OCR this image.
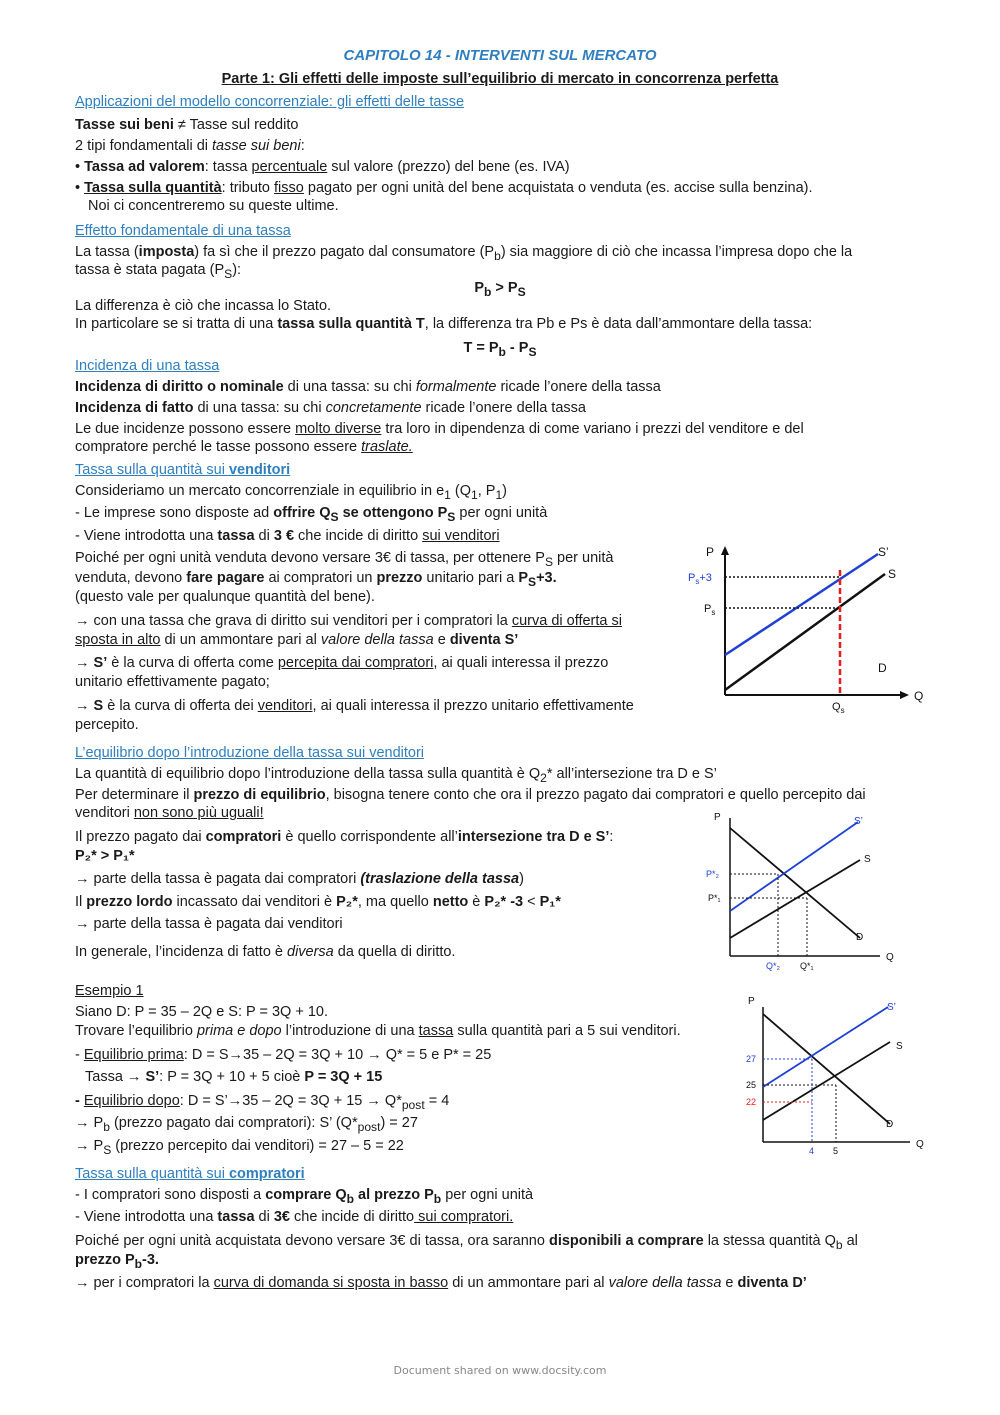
CAPITOLO 14 - INTERVENTI SUL MERCATO
Parte 1: Gli effetti delle imposte sull’equilibrio di mercato in concorrenza perfetta
Applicazioni del modello concorrenziale: gli effetti delle tasse
Tasse sui beni ≠ Tasse sul reddito
2 tipi fondamentali di tasse sui beni:
• Tassa ad valorem: tassa percentuale sul valore (prezzo) del bene (es. IVA)
• Tassa sulla quantità: tributo fisso pagato per ogni unità del bene acquistata o venduta (es. accise sulla benzina).
Noi ci concentreremo su queste ultime.
Effetto fondamentale di una tassa
La tassa (imposta) fa sì che il prezzo pagato dal consumatore $(P_b)$ sia maggiore di ciò che incassa l’impresa dopo che la
tassa è stata pagata $(P_S)$:
$P_b > P_S$
La differenza è ciò che incassa lo Stato.
In particolare se si tratta di una tassa sulla quantità T, la differenza tra Pb e Ps è data dall’ammontare della tassa:
$T = P_b - P_S$
Incidenza di una tassa
Incidenza di diritto o nominale di una tassa: su chi formalmente ricade l’onere della tassa
Incidenza di fatto di una tassa: su chi concretamente ricade l’onere della tassa
Le due incidenze possono essere molto diverse tra loro in dipendenza di come variano i prezzi del venditore e del
compratore perché le tasse possono essere traslate.
Tassa sulla quantità sui venditori
Consideriamo un mercato concorrenziale in equilibrio in $e_1$ ($Q_1$, $P_1$)
- Le imprese sono disposte ad offrire $Q_S$ se ottengono $P_S$ per ogni unità
- Viene introdotta una tassa di 3 € che incide di diritto sui venditori
Poiché per ogni unità venduta devono versare 3€ di tassa, per ottenere $P_S$ per unità
venduta, devono fare pagare ai compratori un prezzo unitario pari a $P_S+3$.
(questo vale per qualunque quantità del bene).
→ con una tassa che grava di diritto sui venditori per i compratori la curva di offerta si
sposta in alto di un ammontare pari al valore della tassa e diventa S’
→ S’ è la curva di offerta come percepita dai compratori, ai quali interessa il prezzo
unitario effettivamente pagato;
→ S è la curva di offerta dei venditori, ai quali interessa il prezzo unitario effettivamente
percepito.
P
Q
S’
S
D
$P_s+3$
$P_s$
$Q_s$
L’equilibrio dopo l’introduzione della tassa sui venditori
La quantità di equilibrio dopo l’introduzione della tassa sulla quantità è $Q_2*$ all’intersezione tra D e S’
Per determinare il prezzo di equilibrio, bisogna tenere conto che ora il prezzo pagato dai compratori e quello percepito dai
venditori non sono più uguali!
Il prezzo pagato dai compratori è quello corrispondente all’intersezione tra D e S’:
P₂* > P₁*
→ parte della tassa è pagata dai compratori (traslazione della tassa)
Il prezzo lordo incassato dai venditori è P₂*, ma quello netto è P₂* -3 < P₁*
→ parte della tassa è pagata dai venditori
In generale, l’incidenza di fatto è diversa da quella di diritto.
P
Q
S’
S
D
P*₂
P*₁
Q*₂ Q*₁
Esempio 1
Siano D: P = 35 – 2Q e S: P = 3Q + 10.
Trovare l’equilibrio prima e dopo l’introduzione di una tassa sulla quantità pari a 5 sui venditori.
- Equilibrio prima: D = S→35 – 2Q = 3Q + 10 → Q* = 5 e P* = 25
Tassa → S’: P = 3Q + 10 + 5 cioè P = 3Q + 15
- Equilibrio dopo: D = S’→35 – $2Q = 3Q + 15 \to Q*_{post} = 4$
→ $P_b$ (prezzo pagato dai compratori): S’ $(Q*_{post}) = 27$
→ $P_S$ (prezzo percepito dai venditori) = 27 – 5 = 22
P
Q
S’
S
D
27
25
22
4 5
Tassa sulla quantità sui compratori
- I compratori sono disposti a comprare $Q_b$ al prezzo $P_b$ per ogni unità
- Viene introdotta una tassa di 3€ che incide di diritto sui compratori.
Poiché per ogni unità acquistata devono versare 3€ di tassa, ora saranno disponibili a comprare la stessa quantità $Q_b$ al
prezzo $P_b-3$.
→ per i compratori la curva di domanda si sposta in basso di un ammontare pari al valore della tassa e diventa D’
Document shared on www.docsity.com
